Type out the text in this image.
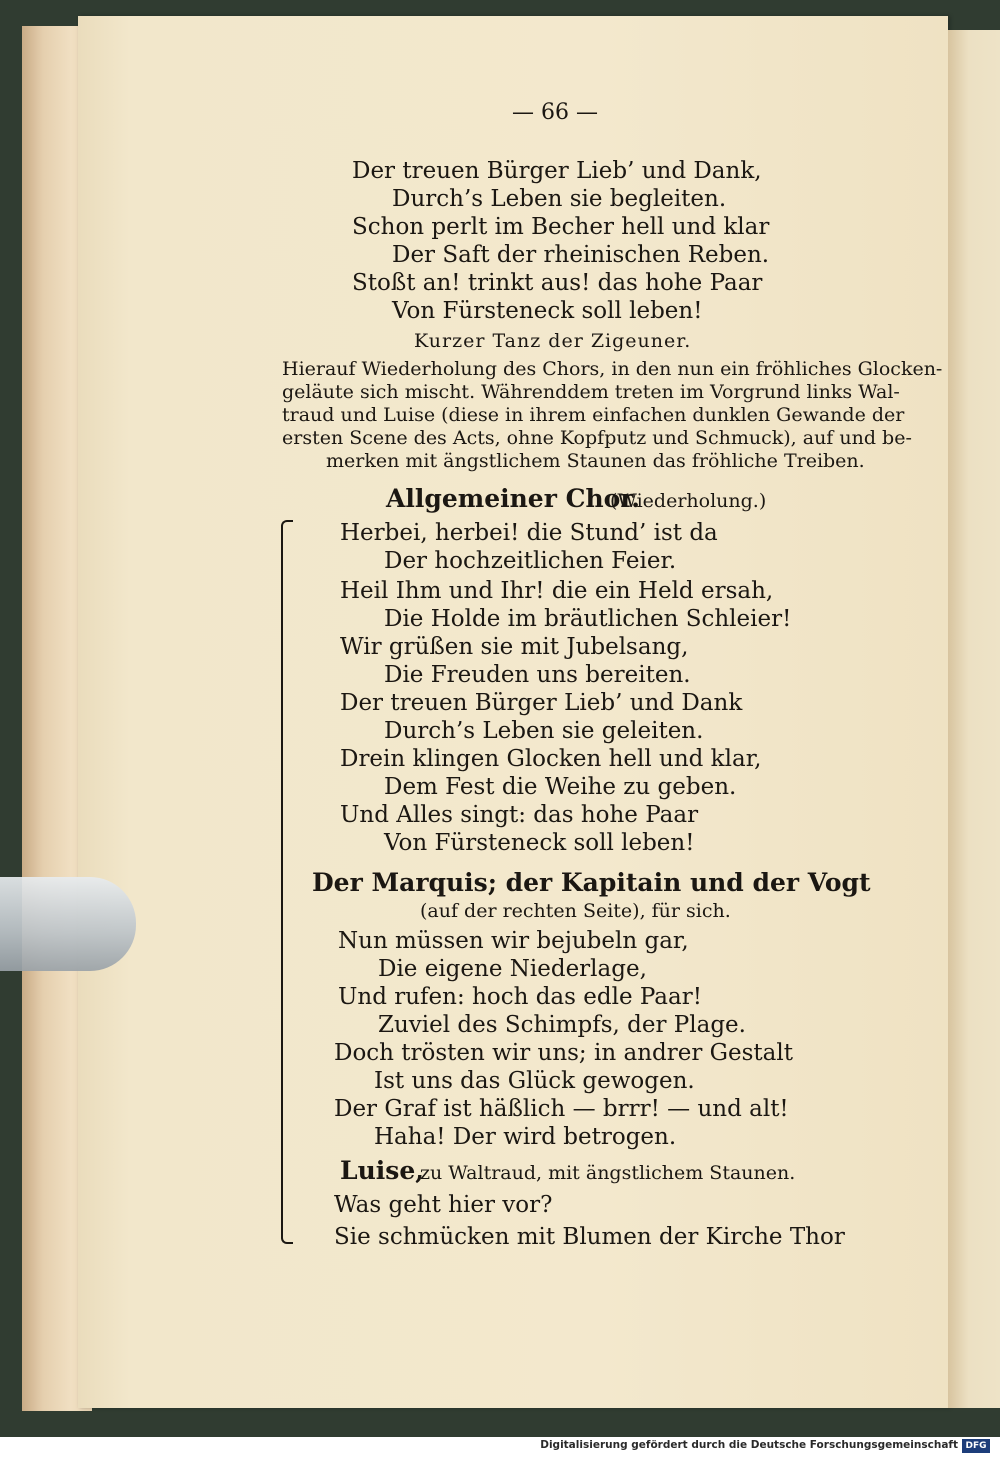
— 66 —
Der treuen Bürger Lieb’ und Dank,
Durch’s Leben sie begleiten.
Schon perlt im Becher hell und klar
Der Saft der rheinischen Reben.
Stoßt an! trinkt aus! das hohe Paar
Von Fürsteneck soll leben!
Kurzer Tanz der Zigeuner.
Hierauf Wiederholung des Chors, in den nun ein fröhliches Glocken-
geläute sich mischt. Währenddem treten im Vorgrund links Wal-
traud und Luise (diese in ihrem einfachen dunklen Gewande der
ersten Scene des Acts, ohne Kopfputz und Schmuck), auf und be-
merken mit ängstlichem Staunen das fröhliche Treiben.
Allgemeiner Chor.
(Wiederholung.)
Herbei, herbei! die Stund’ ist da
Der hochzeitlichen Feier.
Heil Ihm und Ihr! die ein Held ersah,
Die Holde im bräutlichen Schleier!
Wir grüßen sie mit Jubelsang,
Die Freuden uns bereiten.
Der treuen Bürger Lieb’ und Dank
Durch’s Leben sie geleiten.
Drein klingen Glocken hell und klar,
Dem Fest die Weihe zu geben.
Und Alles singt: das hohe Paar
Von Fürsteneck soll leben!
Der Marquis; der Kapitain und der Vogt
(auf der rechten Seite), für sich.
Nun müssen wir bejubeln gar,
Die eigene Niederlage,
Und rufen: hoch das edle Paar!
Zuviel des Schimpfs, der Plage.
Doch trösten wir uns; in andrer Gestalt
Ist uns das Glück gewogen.
Der Graf ist häßlich — brrr! — und alt!
Haha! Der wird betrogen.
Luise,
zu Waltraud, mit ängstlichem Staunen.
Was geht hier vor?
Sie schmücken mit Blumen der Kirche Thor
Digitalisierung gefördert durch die Deutsche Forschungsgemeinschaft DFG
